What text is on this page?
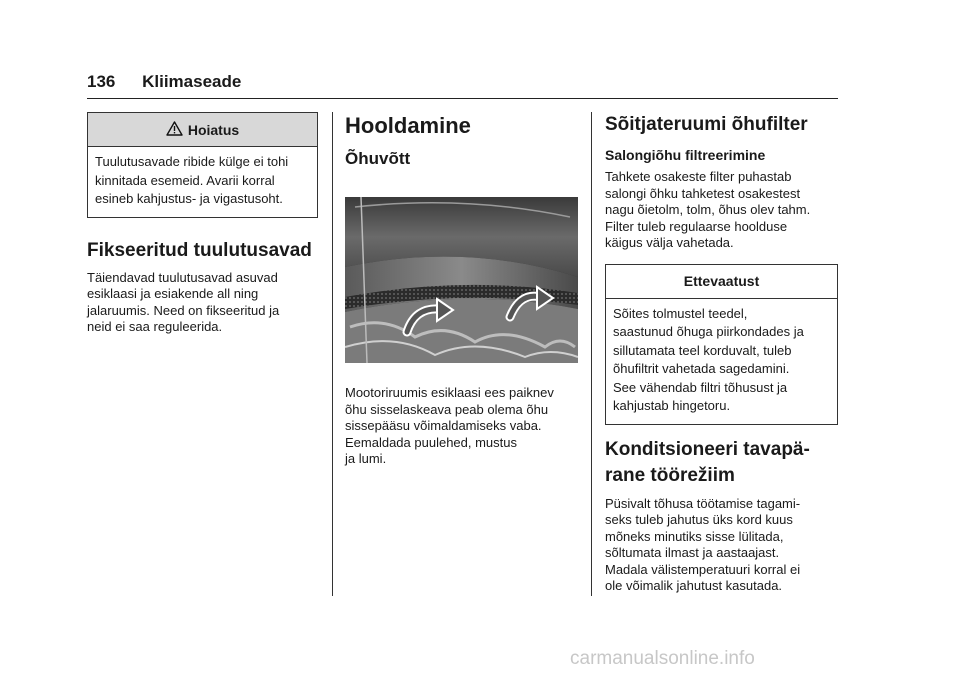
136 Kliimaseade
Hoiatus
Tuulutusavade ribide külge ei tohi
kinnitada esemeid. Avarii korral
esineb kahjustus- ja vigastusoht.
Fikseeritud tuulutusavad

Täiendavad tuulutusavad asuvad
esiklaasi ja esiakende all ning
jalaruumis. Need on fikseeritud ja
neid ei saa reguleerida.

Hooldamine
Õhuvõtt

Mootoriruumis esiklaasi ees paiknev
õhu sisselaskeava peab olema õhu
sissepääsu võimaldamiseks vaba.
Eemaldada puulehed, mustus
ja lumi.

Sõitjateruumi õhufilter
Salongiõhu filtreerimine

Tahkete osakeste filter puhastab
salongi õhku tahketest osakestest
nagu õietolm, tolm, õhus olev tahm.
Filter tuleb regulaarse hoolduse
käigus välja vahetada.

Ettevaatust
Sõites tolmustel teedel,
saastunud õhuga piirkondades ja
sillutamata teel korduvalt, tuleb
õhufiltrit vahetada sagedamini.
See vähendab filtri tõhusust ja
kahjustab hingetoru.
Konditsioneeri tavapä-
rane töörežiim

Püsivalt tõhusa töötamise tagami-
seks tuleb jahutus üks kord kuus
mõneks minutiks sisse lülitada,
sõltumata ilmast ja aastaajast.
Madala välistemperatuuri korral ei
ole võimalik jahutust kasutada.

carmanualsonline.info
